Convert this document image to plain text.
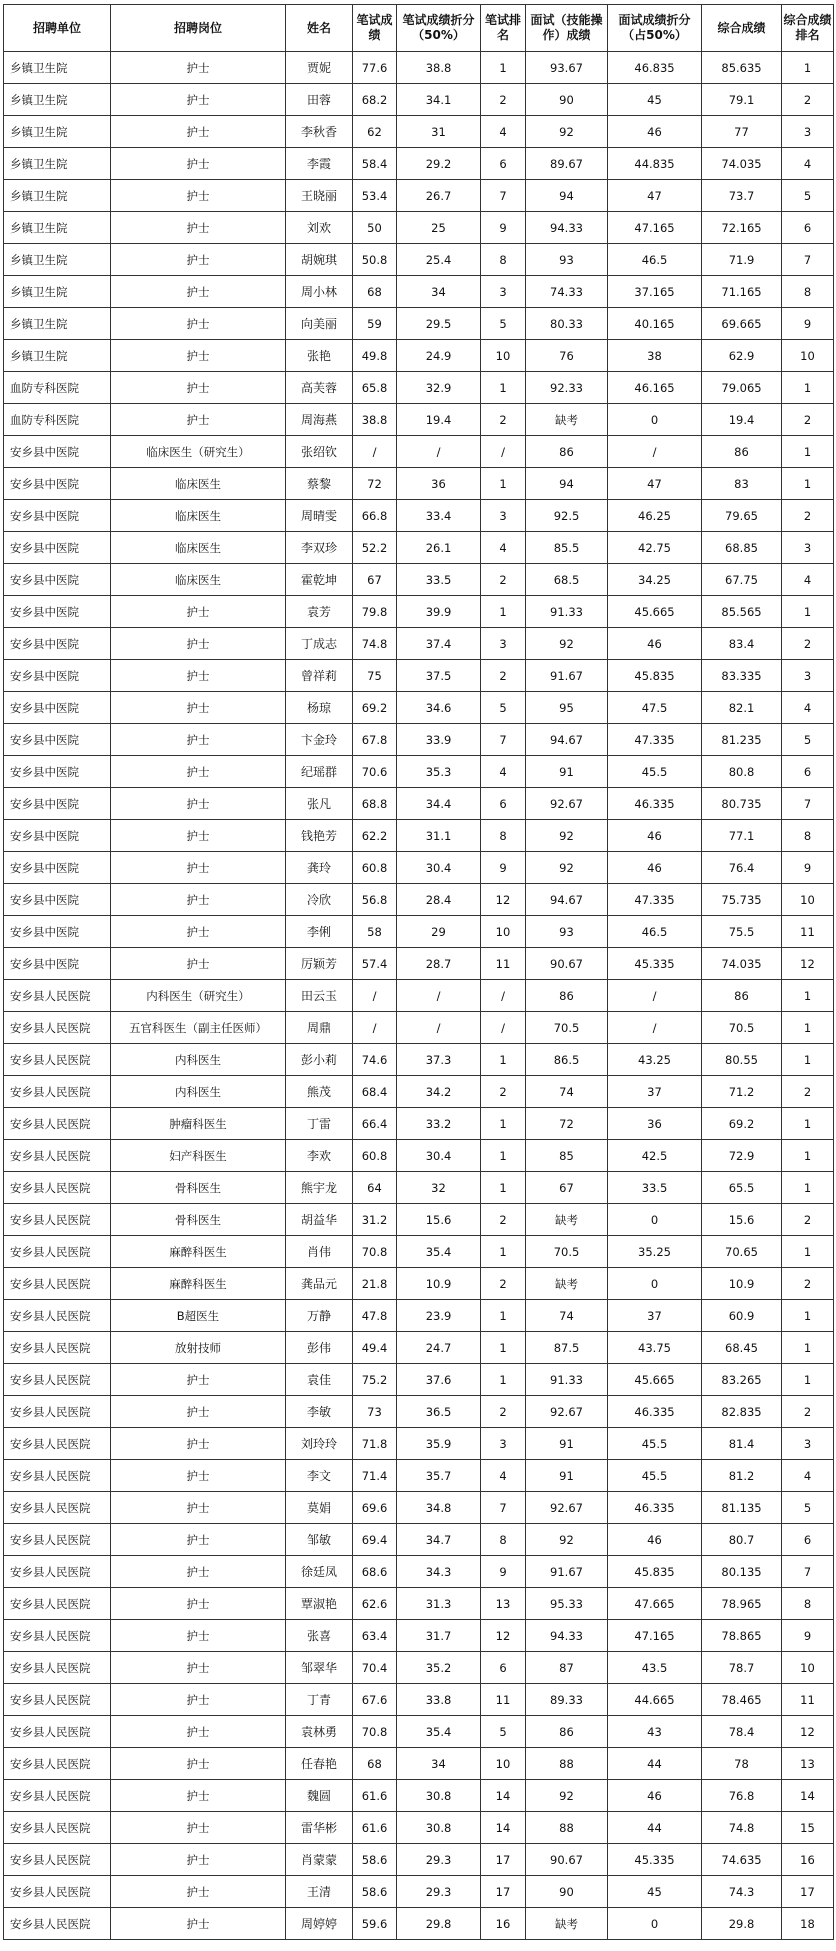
招聘单位	招聘岗位	姓名	笔试成绩	笔试成绩折分（50%）	笔试排名	面试（技能操作）成绩	面试成绩折分（占50%）	综合成绩	综合成绩排名
乡镇卫生院	护士	贾妮	77.6	38.8	1	93.67	46.835	85.635	1
乡镇卫生院	护士	田蓉	68.2	34.1	2	90	45	79.1	2
乡镇卫生院	护士	李秋香	62	31	4	92	46	77	3
乡镇卫生院	护士	李霞	58.4	29.2	6	89.67	44.835	74.035	4
乡镇卫生院	护士	王晓丽	53.4	26.7	7	94	47	73.7	5
乡镇卫生院	护士	刘欢	50	25	9	94.33	47.165	72.165	6
乡镇卫生院	护士	胡婉琪	50.8	25.4	8	93	46.5	71.9	7
乡镇卫生院	护士	周小林	68	34	3	74.33	37.165	71.165	8
乡镇卫生院	护士	向美丽	59	29.5	5	80.33	40.165	69.665	9
乡镇卫生院	护士	张艳	49.8	24.9	10	76	38	62.9	10
血防专科医院	护士	高芙蓉	65.8	32.9	1	92.33	46.165	79.065	1
血防专科医院	护士	周海燕	38.8	19.4	2	缺考	0	19.4	2
安乡县中医院	临床医生（研究生）	张绍钦	/	/	/	86	/	86	1
安乡县中医院	临床医生	蔡黎	72	36	1	94	47	83	1
安乡县中医院	临床医生	周晴雯	66.8	33.4	3	92.5	46.25	79.65	2
安乡县中医院	临床医生	李双珍	52.2	26.1	4	85.5	42.75	68.85	3
安乡县中医院	临床医生	霍乾坤	67	33.5	2	68.5	34.25	67.75	4
安乡县中医院	护士	袁芳	79.8	39.9	1	91.33	45.665	85.565	1
安乡县中医院	护士	丁成志	74.8	37.4	3	92	46	83.4	2
安乡县中医院	护士	曾祥莉	75	37.5	2	91.67	45.835	83.335	3
安乡县中医院	护士	杨琼	69.2	34.6	5	95	47.5	82.1	4
安乡县中医院	护士	卞金玲	67.8	33.9	7	94.67	47.335	81.235	5
安乡县中医院	护士	纪瑶群	70.6	35.3	4	91	45.5	80.8	6
安乡县中医院	护士	张凡	68.8	34.4	6	92.67	46.335	80.735	7
安乡县中医院	护士	钱艳芳	62.2	31.1	8	92	46	77.1	8
安乡县中医院	护士	龚玲	60.8	30.4	9	92	46	76.4	9
安乡县中医院	护士	冷欣	56.8	28.4	12	94.67	47.335	75.735	10
安乡县中医院	护士	李俐	58	29	10	93	46.5	75.5	11
安乡县中医院	护士	厉颖芳	57.4	28.7	11	90.67	45.335	74.035	12
安乡县人民医院	内科医生（研究生）	田云玉	/	/	/	86	/	86	1
安乡县人民医院	五官科医生（副主任医师）	周鼎	/	/	/	70.5	/	70.5	1
安乡县人民医院	内科医生	彭小莉	74.6	37.3	1	86.5	43.25	80.55	1
安乡县人民医院	内科医生	熊茂	68.4	34.2	2	74	37	71.2	2
安乡县人民医院	肿瘤科医生	丁雷	66.4	33.2	1	72	36	69.2	1
安乡县人民医院	妇产科医生	李欢	60.8	30.4	1	85	42.5	72.9	1
安乡县人民医院	骨科医生	熊宇龙	64	32	1	67	33.5	65.5	1
安乡县人民医院	骨科医生	胡益华	31.2	15.6	2	缺考	0	15.6	2
安乡县人民医院	麻醉科医生	肖伟	70.8	35.4	1	70.5	35.25	70.65	1
安乡县人民医院	麻醉科医生	龚品元	21.8	10.9	2	缺考	0	10.9	2
安乡县人民医院	B超医生	万静	47.8	23.9	1	74	37	60.9	1
安乡县人民医院	放射技师	彭伟	49.4	24.7	1	87.5	43.75	68.45	1
安乡县人民医院	护士	袁佳	75.2	37.6	1	91.33	45.665	83.265	1
安乡县人民医院	护士	李敏	73	36.5	2	92.67	46.335	82.835	2
安乡县人民医院	护士	刘玲玲	71.8	35.9	3	91	45.5	81.4	3
安乡县人民医院	护士	李文	71.4	35.7	4	91	45.5	81.2	4
安乡县人民医院	护士	莫娟	69.6	34.8	7	92.67	46.335	81.135	5
安乡县人民医院	护士	邹敏	69.4	34.7	8	92	46	80.7	6
安乡县人民医院	护士	徐廷凤	68.6	34.3	9	91.67	45.835	80.135	7
安乡县人民医院	护士	覃淑艳	62.6	31.3	13	95.33	47.665	78.965	8
安乡县人民医院	护士	张喜	63.4	31.7	12	94.33	47.165	78.865	9
安乡县人民医院	护士	邹翠华	70.4	35.2	6	87	43.5	78.7	10
安乡县人民医院	护士	丁青	67.6	33.8	11	89.33	44.665	78.465	11
安乡县人民医院	护士	袁林勇	70.8	35.4	5	86	43	78.4	12
安乡县人民医院	护士	任春艳	68	34	10	88	44	78	13
安乡县人民医院	护士	魏圆	61.6	30.8	14	92	46	76.8	14
安乡县人民医院	护士	雷华彬	61.6	30.8	14	88	44	74.8	15
安乡县人民医院	护士	肖蒙蒙	58.6	29.3	17	90.67	45.335	74.635	16
安乡县人民医院	护士	王清	58.6	29.3	17	90	45	74.3	17
安乡县人民医院	护士	周婷婷	59.6	29.8	16	缺考	0	29.8	18
